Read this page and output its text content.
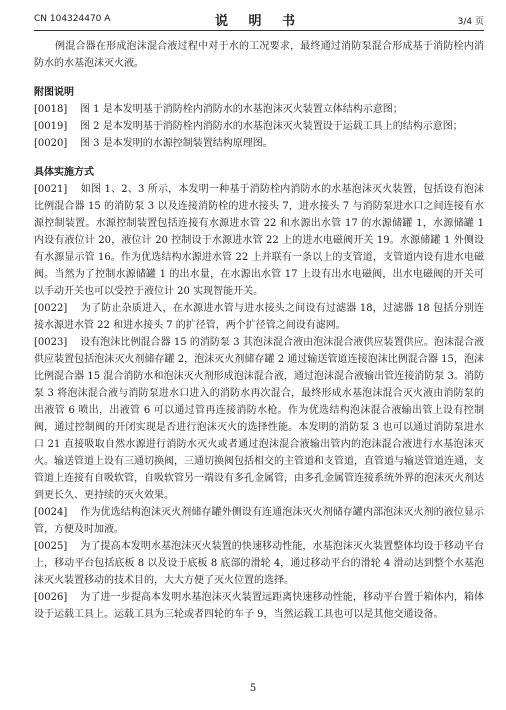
CN 104324470 A	说 明 书	3/4 页

例混合器在形成泡沫混合液过程中对于水的工况要求，最终通过消防泵混合形成基于消防栓内消防水的水基泡沫灭火液。

附图说明

[0018] 图 1 是本发明基于消防栓内消防水的水基泡沫灭火装置立体结构示意图；

[0019] 图 2 是本发明基于消防栓内消防水的水基泡沫灭火装置设于运载工具上的结构示意图；

[0020] 图 3 是本发明的水源控制装置结构原理图。

具体实施方式

[0021] 如图 1、2、3 所示，本发明一种基于消防栓内消防水的水基泡沫灭火装置，包括设有泡沫比例混合器 15 的消防泵 3 以及连接消防栓的进水接头 7，进水接头 7 与消防泵进水口之间连接有水源控制装置。水源控制装置包括连接有水源进水管 22 和水源出水管 17 的水源储罐 1，水源储罐 1 内设有液位计 20，液位计 20 控制设于水源进水管 22 上的进水电磁阀开关 19。水源储罐 1 外侧设有水源显示管 16。作为优选结构水源进水管 22 上并联有一条以上的支管道，支管道内设有进水电磁阀。当然为了控制水源储罐 1 的出水量，在水源出水管 17 上设有出水电磁阀，出水电磁阀的开关可以手动开关也可以受控于液位计 20 实现智能开关。

[0022] 为了防止杂质进入，在水源进水管与进水接头之间设有过滤器 18，过滤器 18 包括分别连接水源进水管 22 和进水接头 7 的扩径管，两个扩径管之间设有滤网。

[0023] 设有泡沫比例混合器 15 的消防泵 3 其泡沫混合液由泡沫混合液供应装置供应。泡沫混合液供应装置包括泡沫灭火剂储存罐 2，泡沫灭火剂储存罐 2 通过输送管道连接泡沫比例混合器 15，泡沫比例混合器 15 混合消防水和泡沫灭火剂形成泡沫混合液，通过泡沫混合液输出管连接消防泵 3。消防泵 3 将泡沫混合液与消防泵进水口进入的消防水再次混合，最终形成水基泡沫混合灭火液由消防泵的出液管 6 喷出，出液管 6 可以通过管再连接消防水枪。作为优选结构泡沫混合液输出管上设有控制阀，通过控制阀的开闭实现是否进行泡沫灭火的选择性能。本发明的消防泵 3 也可以通过消防泵进水口 21 直接吸取自然水源进行消防水灭火或者通过泡沫混合液输出管内的泡沫混合液进行水基泡沫灭火。输送管道上设有三通切换阀，三通切换阀包括相交的主管道和支管道，直管道与输送管道连通，支管道上连接有自吸软管，自吸软管另一端设有多孔金属管，由多孔金属管连接系统外界的泡沫灭火剂达到更长久、更持续的灭火效果。

[0024] 作为优选结构泡沫灭火剂储存罐外侧设有连通泡沫灭火剂储存罐内部泡沫灭火剂的液位显示管，方便及时加液。

[0025] 为了提高本发明水基泡沫灭火装置的快速移动性能，水基泡沫灭火装置整体均设于移动平台上，移动平台包括底板 8 以及设于底板 8 底部的滑轮 4，通过移动平台的滑轮 4 滑动达到整个水基泡沫灭火装置移动的技术目的，大大方便了灭火位置的选择。

[0026] 为了进一步提高本发明水基泡沫灭火装置远距离快速移动性能，移动平台置于箱体内，箱体设于运载工具上。运载工具为三轮或者四轮的车子 9，当然运载工具也可以是其他交通设备。

5
